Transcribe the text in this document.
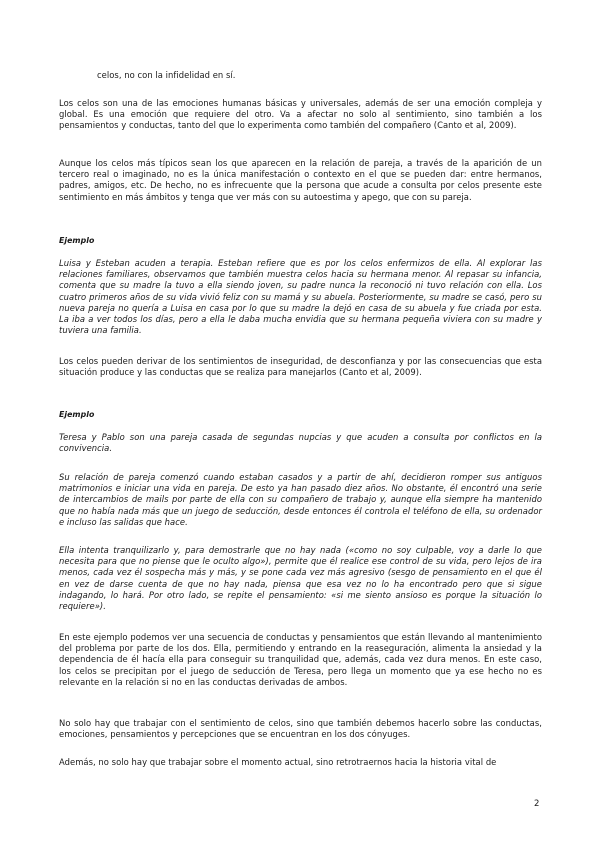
celos, no con la infidelidad en sí.

Los celos son una de las emociones humanas básicas y universales, además de ser una emoción compleja y global. Es una emoción que requiere del otro. Va a afectar no solo al sentimiento, sino también a los pensamientos y conductas, tanto del que lo experimenta como también del compañero (Canto et al, 2009).

Aunque los celos más típicos sean los que aparecen en la relación de pareja, a través de la aparición de un tercero real o imaginado, no es la única manifestación o contexto en el que se pueden dar: entre hermanos, padres, amigos, etc. De hecho, no es infrecuente que la persona que acude a consulta por celos presente este sentimiento en más ámbitos y tenga que ver más con su autoestima y apego, que con su pareja.

Ejemplo

Luisa y Esteban acuden a terapia. Esteban refiere que es por los celos enfermizos de ella. Al explorar las relaciones familiares, observamos que también muestra celos hacia su hermana menor. Al repasar su infancia, comenta que su madre la tuvo a ella siendo joven, su padre nunca la reconoció ni tuvo relación con ella. Los cuatro primeros años de su vida vivió feliz con su mamá y su abuela. Posteriormente, su madre se casó, pero su nueva pareja no quería a Luisa en casa por lo que su madre la dejó en casa de su abuela y fue criada por esta. La iba a ver todos los días, pero a ella le daba mucha envidia que su hermana pequeña viviera con su madre y tuviera una familia.

Los celos pueden derivar de los sentimientos de inseguridad, de desconfianza y por las consecuencias que esta situación produce y las conductas que se realiza para manejarlos (Canto et al, 2009).

Ejemplo

Teresa y Pablo son una pareja casada de segundas nupcias y que acuden a consulta por conflictos en la convivencia.

Su relación de pareja comenzó cuando estaban casados y a partir de ahí, decidieron romper sus antiguos matrimonios e iniciar una vida en pareja. De esto ya han pasado diez años. No obstante, él encontró una serie de intercambios de mails por parte de ella con su compañero de trabajo y, aunque ella siempre ha mantenido que no había nada más que un juego de seducción, desde entonces él controla el teléfono de ella, su ordenador e incluso las salidas que hace.

Ella intenta tranquilizarlo y, para demostrarle que no hay nada («como no soy culpable, voy a darle lo que necesita para que no piense que le oculto algo»), permite que él realice ese control de su vida, pero lejos de ira menos, cada vez él sospecha más y más, y se pone cada vez más agresivo (sesgo de pensamiento en el que él en vez de darse cuenta de que no hay nada, piensa que esa vez no lo ha encontrado pero que si sigue indagando, lo hará. Por otro lado, se repite el pensamiento: «si me siento ansioso es porque la situación lo requiere»).

En este ejemplo podemos ver una secuencia de conductas y pensamientos que están llevando al mantenimiento del problema por parte de los dos. Ella, permitiendo y entrando en la reaseguración, alimenta la ansiedad y la dependencia de él hacía ella para conseguir su tranquilidad que, además, cada vez dura menos. En este caso, los celos se precipitan por el juego de seducción de Teresa, pero llega un momento que ya ese hecho no es relevante en la relación si no en las conductas derivadas de ambos.

No solo hay que trabajar con el sentimiento de celos, sino que también debemos hacerlo sobre las conductas, emociones, pensamientos y percepciones que se encuentran en los dos cónyuges.

Además, no solo hay que trabajar sobre el momento actual, sino retrotraernos hacia la historia vital de

2
